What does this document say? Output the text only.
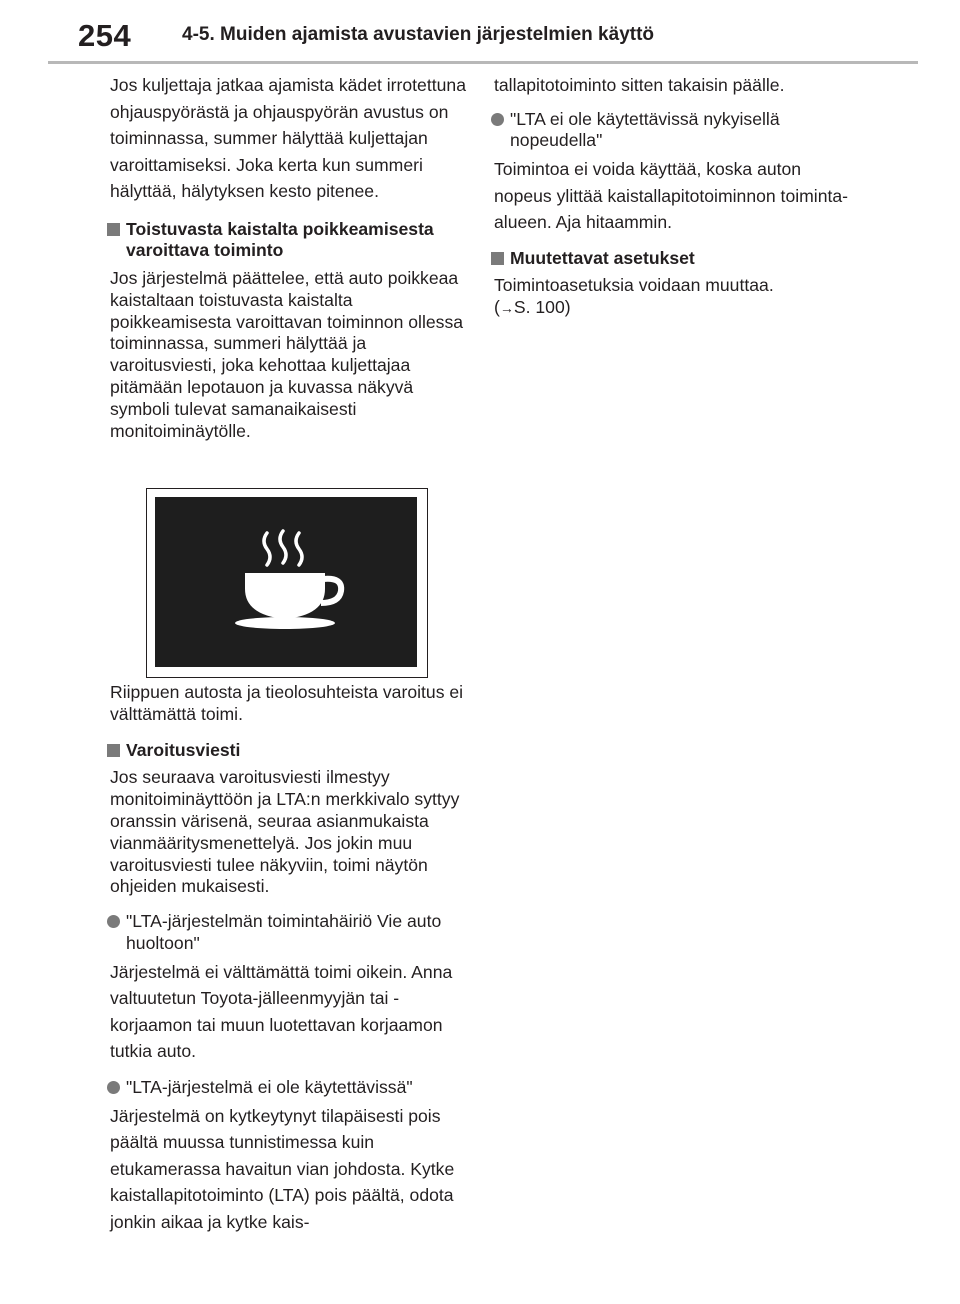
254	4-5. Muiden ajamista avustavien järjestelmien käyttö

Jos kuljettaja jatkaa ajamista kädet irrotettuna ohjauspyörästä ja ohjauspyörän avustus on toiminnassa, summer hälyttää kuljettajan varoittamiseksi. Joka kerta kun summeri hälyttää, hälytyksen kesto pitenee.

Toistuvasta kaistalta poikkeamisesta varoittava toiminto

Jos järjestelmä päättelee, että auto poikkeaa kaistaltaan toistuvasta kaistalta poikkeamisesta varoittavan toiminnon ollessa toiminnassa, summeri hälyttää ja varoitusviesti, joka kehottaa kuljettajaa pitämään lepotauon ja kuvassa näkyvä symboli tulevat samanaikaisesti monitoiminäytölle.

Riippuen autosta ja tieolosuhteista varoitus ei välttämättä toimi.

Varoitusviesti

Jos seuraava varoitusviesti ilmestyy monitoiminäyttöön ja LTA:n merkkivalo syttyy oranssin värisenä, seuraa asianmukaista vianmääritysmenettelyä. Jos jokin muu varoitusviesti tulee näkyviin, toimi näytön ohjeiden mukaisesti.

"LTA-järjestelmän toimintahäiriö Vie auto huoltoon"

Järjestelmä ei välttämättä toimi oikein. Anna valtuutetun Toyota-jälleenmyyjän tai -korjaamon tai muun luotettavan korjaamon tutkia auto.

"LTA-järjestelmä ei ole käytettävissä"

Järjestelmä on kytkeytynyt tilapäisesti pois päältä muussa tunnistimessa kuin etukamerassa havaitun vian johdosta. Kytke kaistallapitotoiminto (LTA) pois päältä, odota jonkin aikaa ja kytke kais-

tallapitotoiminto sitten takaisin päälle.

"LTA ei ole käytettävissä nykyisellä nopeudella"

Toimintoa ei voida käyttää, koska auton nopeus ylittää kaistallapitotoiminnon toiminta-alueen. Aja hitaammin.

Muutettavat asetukset

Toimintoasetuksia voidaan muuttaa.

(→S. 100)
